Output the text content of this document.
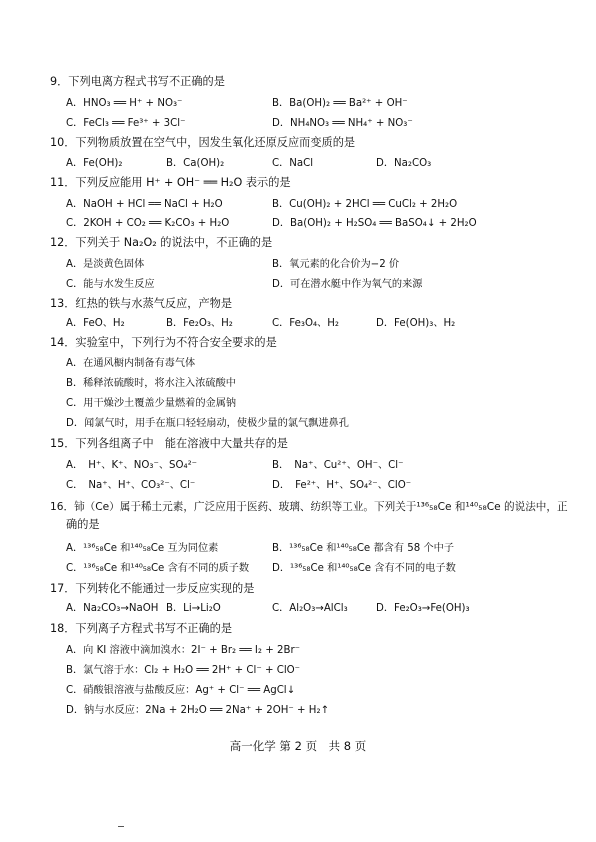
9．下列电离方程式书写不正确的是
A．HNO₃ ══ H⁺ + NO₃⁻	B．Ba(OH)₂ ══ Ba²⁺ + OH⁻
C．FeCl₃ ══ Fe³⁺ + 3Cl⁻	D．NH₄NO₃ ══ NH₄⁺ + NO₃⁻
10．下列物质放置在空气中，因发生氧化还原反应而变质的是
A．Fe(OH)₂	B．Ca(OH)₂	C．NaCl	D．Na₂CO₃
11．下列反应能用 H⁺ + OH⁻ ══ H₂O 表示的是
A．NaOH + HCl ══ NaCl + H₂O	B．Cu(OH)₂ + 2HCl ══ CuCl₂ + 2H₂O
C．2KOH + CO₂ ══ K₂CO₃ + H₂O	D．Ba(OH)₂ + H₂SO₄ ══ BaSO₄↓ + 2H₂O
12．下列关于 Na₂O₂ 的说法中，不正确的是
A．是淡黄色固体	B．氧元素的化合价为−2 价
C．能与水发生反应	D．可在潜水艇中作为氧气的来源
13．红热的铁与水蒸气反应，产物是
A．FeO、H₂	B．Fe₂O₃、H₂	C．Fe₃O₄、H₂	D．Fe(OH)₃、H₂
14．实验室中，下列行为不符合安全要求的是
A．在通风橱内制备有毒气体
B．稀释浓硫酸时，将水注入浓硫酸中
C．用干燥沙土覆盖少量燃着的金属钠
D．闻氯气时，用手在瓶口轻轻扇动，使极少量的氯气飘进鼻孔
15．下列各组离子中　能在溶液中大量共存的是
A．　H⁺、K⁺、NO₃⁻、SO₄²⁻	B．　Na⁺、Cu²⁺、OH⁻、Cl⁻
C．　Na⁺、H⁺、CO₃²⁻、Cl⁻	D．　Fe²⁺、H⁺、SO₄²⁻、ClO⁻
16．铈（Ce）属于稀土元素，广泛应用于医药、玻璃、纺织等工业。下列关于¹³⁶₅₈Ce 和¹⁴⁰₅₈Ce 的说法中，正
确的是
A．¹³⁶₅₈Ce 和¹⁴⁰₅₈Ce 互为同位素	B．¹³⁶₅₈Ce 和¹⁴⁰₅₈Ce 都含有 58 个中子
C．¹³⁶₅₈Ce 和¹⁴⁰₅₈Ce 含有不同的质子数 D．¹³⁶₅₈Ce 和¹⁴⁰₅₈Ce 含有不同的电子数
17．下列转化不能通过一步反应实现的是
A．Na₂CO₃→NaOH B．Li→Li₂O	C．Al₂O₃→AlCl₃	D．Fe₂O₃→Fe(OH)₃
18．下列离子方程式书写不正确的是
A．向 KI 溶液中滴加溴水：2I⁻ + Br₂ ══ I₂ + 2Br⁻
B．氯气溶于水：Cl₂ + H₂O ══ 2H⁺ + Cl⁻ + ClO⁻
C．硝酸银溶液与盐酸反应：Ag⁺ + Cl⁻ ══ AgCl↓
D．钠与水反应：2Na + 2H₂O ══ 2Na⁺ + 2OH⁻ + H₂↑
高一化学 第 2 页　共 8 页
